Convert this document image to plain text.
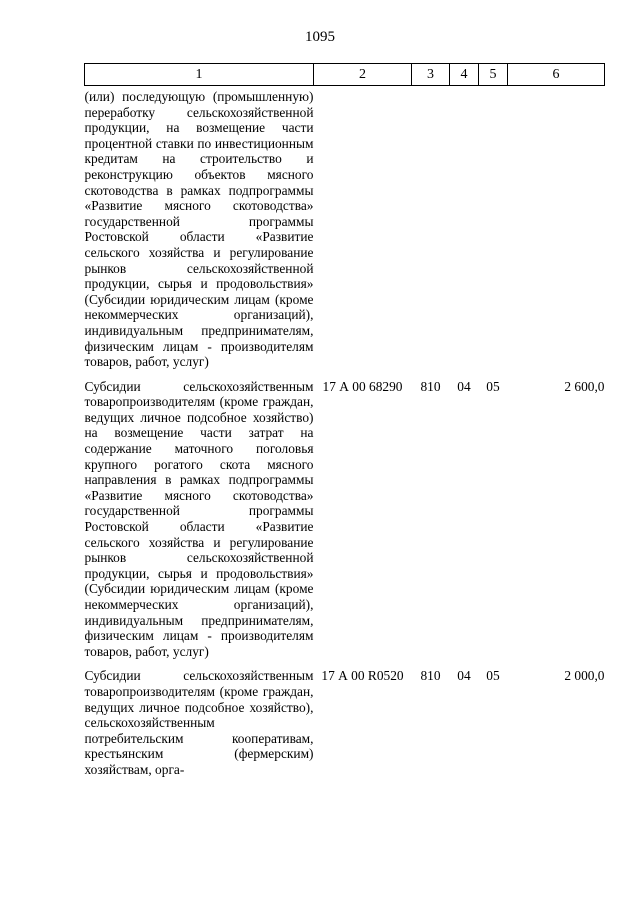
1095
1	2	3	4	5	6
(или) последующую (промышленную) переработку сельскохозяйственной продукции, на возмещение части процентной ставки по инвестиционным кредитам на строительство и реконструкцию объектов мясного скотоводства в рамках подпрограммы «Развитие мясного скотоводства» государственной программы Ростовской области «Развитие сельского хозяйства и регулирование рынков сельскохозяйственной продукции, сырья и продовольствия» (Субсидии юридическим лицам (кроме некоммерческих организаций), индивидуальным предпринимателям, физическим лицам - производителям товаров, работ, услуг)					

Субсидии сельскохозяйственным товаропроизводителям (кроме граждан, ведущих личное подсобное хозяйство) на возмещение части затрат на содержание маточного поголовья крупного рогатого скота мясного направления в рамках подпрограммы «Развитие мясного скотоводства» государственной программы Ростовской области «Развитие сельского хозяйства и регулирование рынков сельскохозяйственной продукции, сырья и продовольствия» (Субсидии юридическим лицам (кроме некоммерческих организаций), индивидуальным предпринимателям, физическим лицам - производителям товаров, работ, услуг)	17 А 00 68290	810	04	05	2 600,0

Субсидии сельскохозяйственным товаропроизводителям (кроме граждан, ведущих личное подсобное хозяйство), сельскохозяйственным потребительским кооперативам, крестьянским (фермерским) хозяйствам, орга-	17 А 00 R0520	810	04	05	2 000,0
